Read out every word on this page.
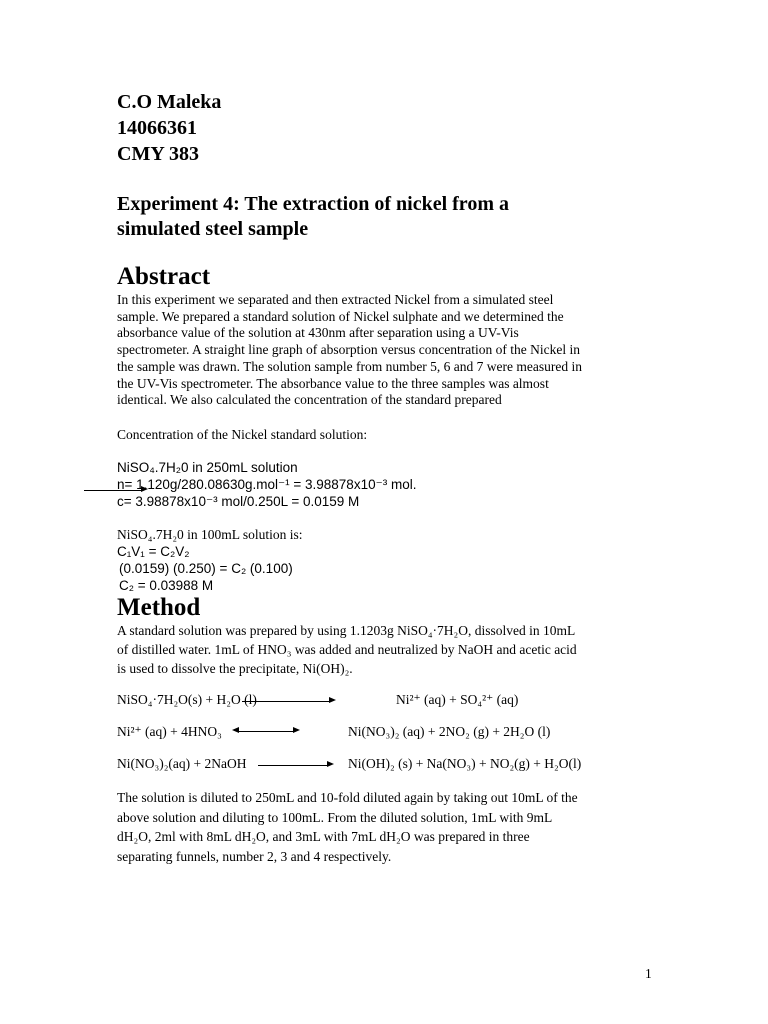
C.O Maleka
14066361
CMY 383
Experiment 4: The extraction of nickel from a
simulated steel sample
Abstract
In this experiment we separated and then extracted Nickel from a simulated steel
sample. We prepared a standard solution of Nickel sulphate and we determined the
absorbance value of the solution at 430nm after separation using a UV-Vis
spectrometer. A straight line graph of absorption versus concentration of the Nickel in
the sample was drawn. The solution sample from number 5, 6 and 7 were measured in
the UV-Vis spectrometer. The absorbance value to the three samples was almost
identical. We also calculated the concentration of the standard prepared
Concentration of the Nickel standard solution:
NiSO₄.7H₂0 in 250mL solution
n= 1.120g/280.08630g.mol⁻¹ = 3.98878x10⁻³ mol.
c= 3.98878x10⁻³ mol/0.250L = 0.0159 M
NiSO₄.7H₂0 in 100mL solution is:
C₁V₁ = C₂V₂
(0.0159) (0.250) = C₂ (0.100)
C₂ = 0.03988 M
Method
A standard solution was prepared by using 1.1203g NiSO₄·7H₂O, dissolved in 10mL
of distilled water. 1mL of HNO₃ was added and neutralized by NaOH and acetic acid
is used to dissolve the precipitate, Ni(OH)₂.
NiSO₄·7H₂O(s) + H₂O (l)	Ni²⁺ (aq) + SO₄²⁺ (aq)
Ni²⁺ (aq) + 4HNO₃	Ni(NO₃)₂ (aq) + 2NO₂ (g) + 2H₂O (l)
Ni(NO₃)₂(aq) + 2NaOH	Ni(OH)₂ (s) + Na(NO₃) + NO₂(g) + H₂O(l)
The solution is diluted to 250mL and 10-fold diluted again by taking out 10mL of the
above solution and diluting to 100mL. From the diluted solution, 1mL with 9mL
dH₂O, 2ml with 8mL dH₂O, and 3mL with 7mL dH₂O was prepared in three
separating funnels, number 2, 3 and 4 respectively.
1
